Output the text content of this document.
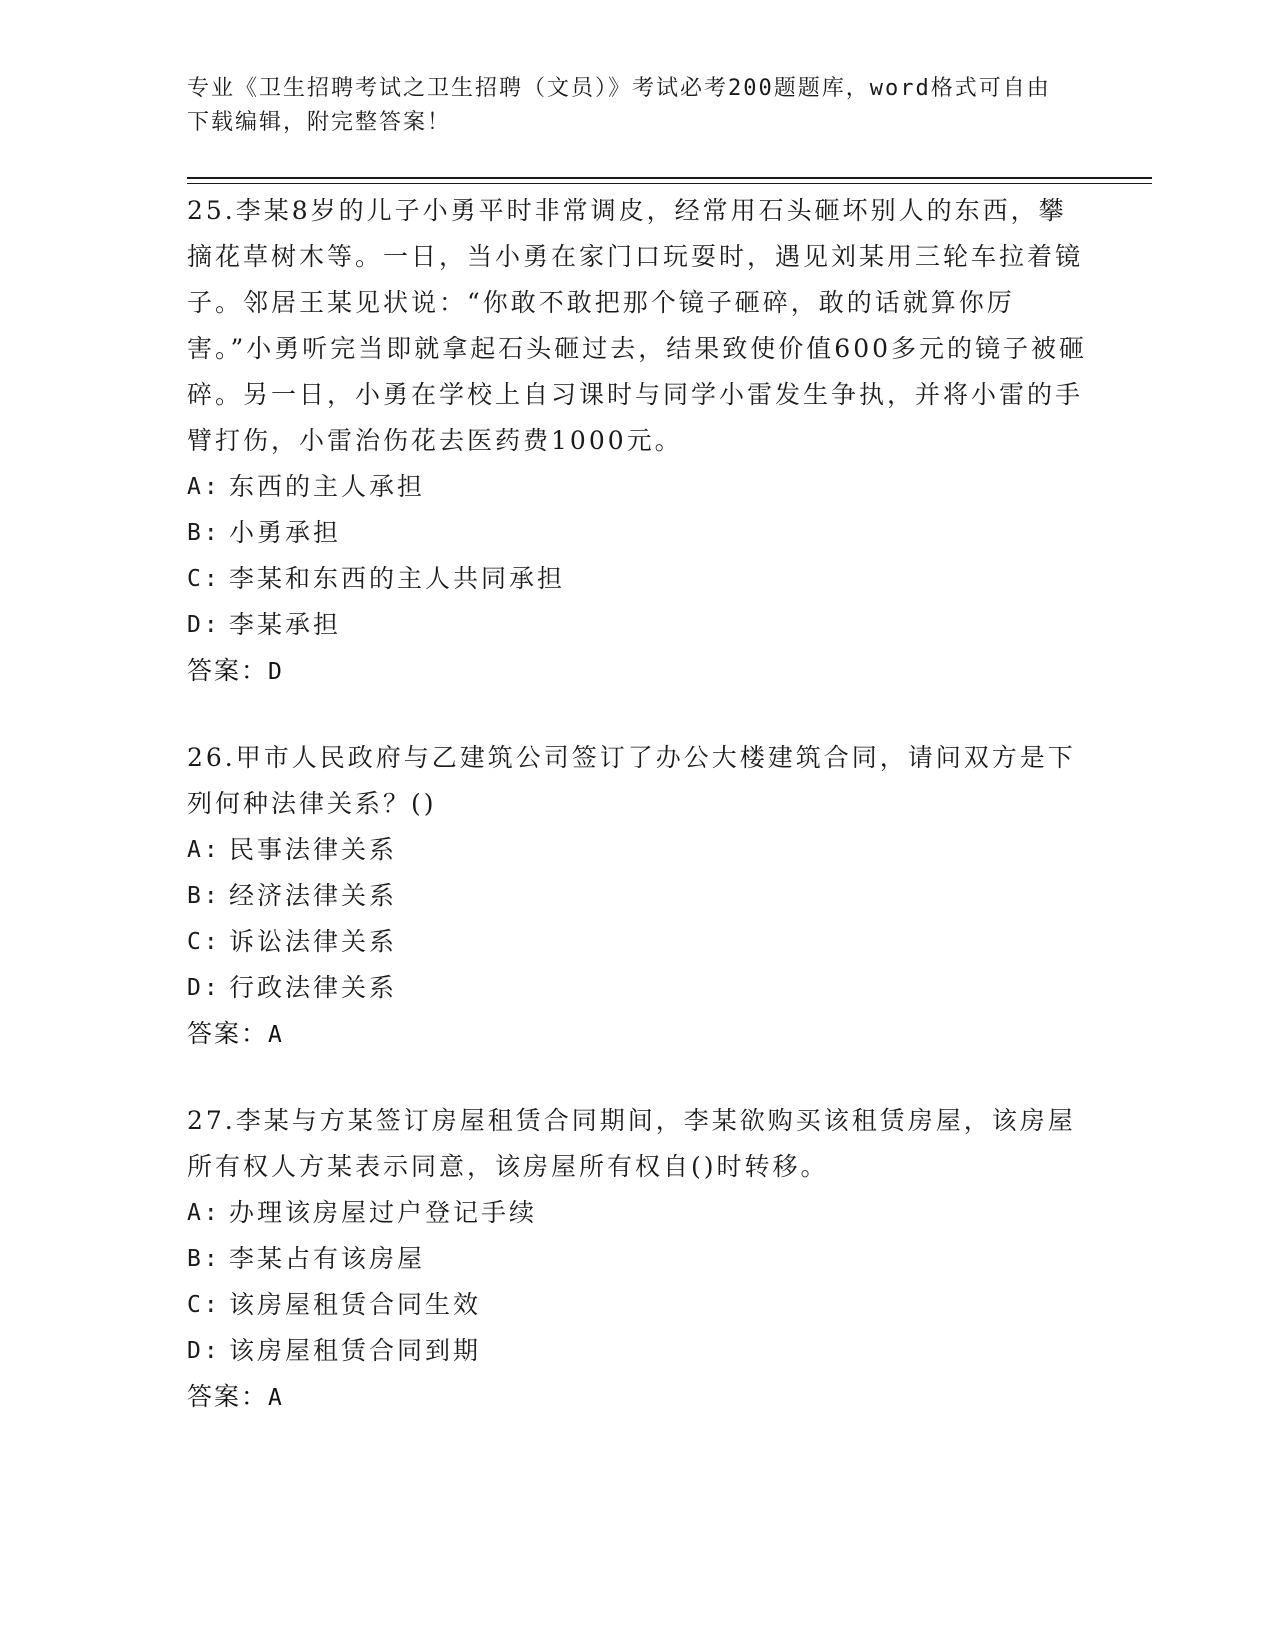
专业《卫生招聘考试之卫生招聘（文员）》考试必考200题题库，word格式可自由下载编辑，附完整答案！

25.李某8岁的儿子小勇平时非常调皮，经常用石头砸坏别人的东西，攀摘花草树木等。一日，当小勇在家门口玩耍时，遇见刘某用三轮车拉着镜子。邻居王某见状说：“你敢不敢把那个镜子砸碎，敢的话就算你厉害。”小勇听完当即就拿起石头砸过去，结果致使价值600多元的镜子被砸碎。另一日，小勇在学校上自习课时与同学小雷发生争执，并将小雷的手臂打伤，小雷治伤花去医药费1000元。

A: 东西的主人承担
B: 小勇承担
C: 李某和东西的主人共同承担
D: 李某承担
答案：D

26.甲市人民政府与乙建筑公司签订了办公大楼建筑合同，请问双方是下列何种法律关系？()

A: 民事法律关系
B: 经济法律关系
C: 诉讼法律关系
D: 行政法律关系
答案：A

27.李某与方某签订房屋租赁合同期间，李某欲购买该租赁房屋，该房屋所有权人方某表示同意，该房屋所有权自()时转移。

A: 办理该房屋过户登记手续
B: 李某占有该房屋
C: 该房屋租赁合同生效
D: 该房屋租赁合同到期
答案：A
